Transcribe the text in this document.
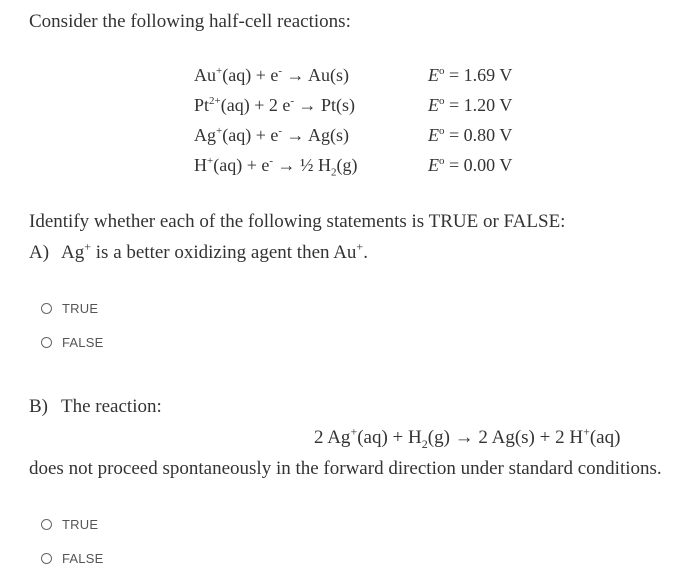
Consider the following half-cell reactions:
Au+(aq) + e- → Au(s)	$E^o = 1.69$ V
$Pt^{2+}(aq) + 2$ e- → Pt(s)	$E^o = 1.20$ V
Ag+(aq) + e- → Ag(s)	$E^o = 0.80$ V
H+(aq) + e- → ½ $H_2(g)$	$E^o = 0.00$ V
Identify whether each of the following statements is TRUE or FALSE:
A) Ag+ is a better oxidizing agent then Au+.
TRUE
FALSE
B) The reaction:
2 $Ag^+(aq) + H_2(g) \to 2$ Ag(s) + 2 H+(aq)
does not proceed spontaneously in the forward direction under standard conditions.
TRUE
FALSE
